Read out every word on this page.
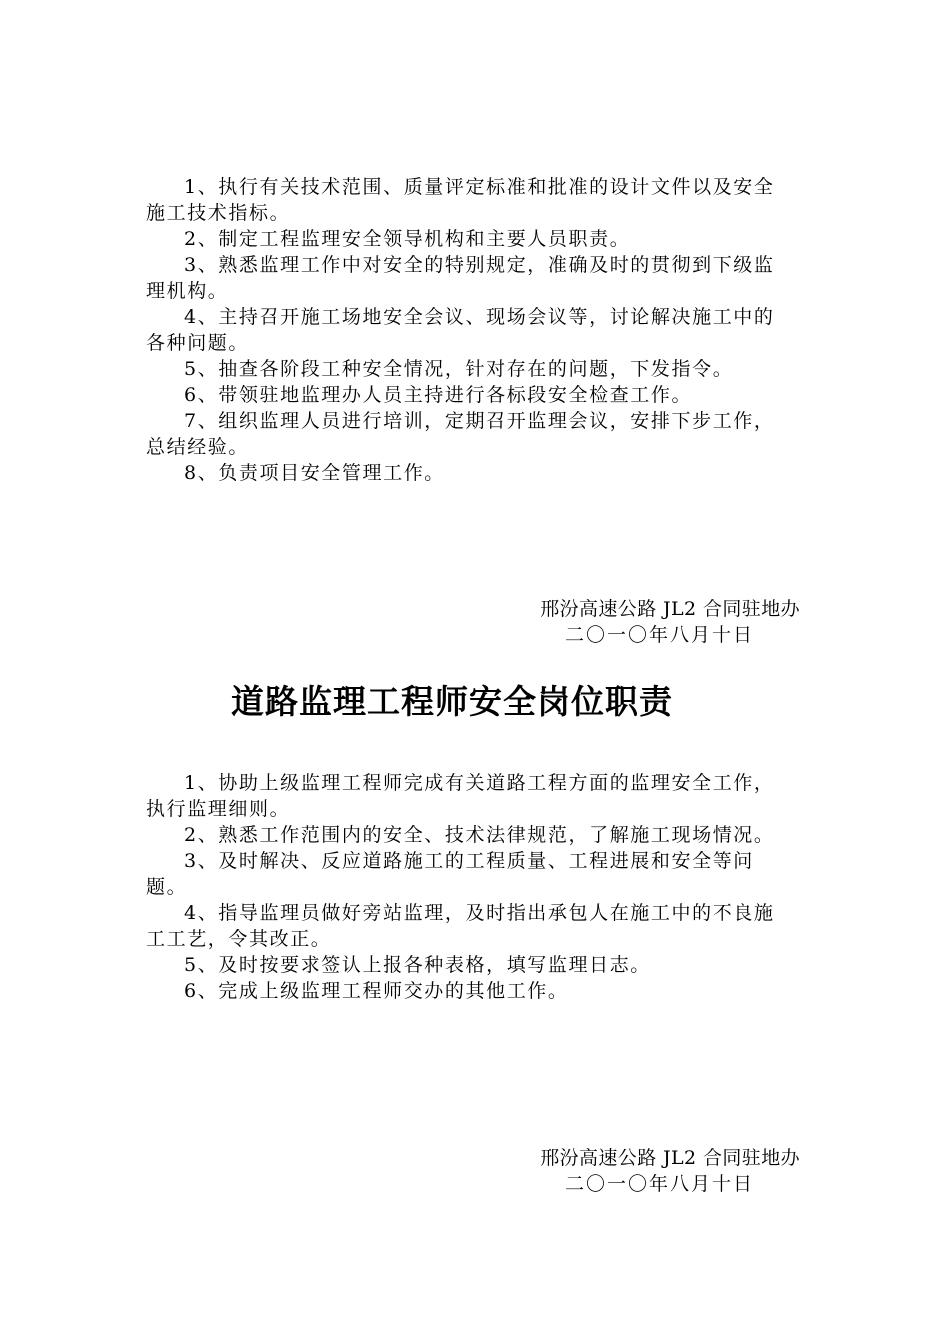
1、执行有关技术范围、质量评定标准和批准的设计文件以及安全施工技术指标。
2、制定工程监理安全领导机构和主要人员职责。
3、熟悉监理工作中对安全的特别规定，准确及时的贯彻到下级监理机构。
4、主持召开施工场地安全会议、现场会议等，讨论解决施工中的各种问题。
5、抽查各阶段工种安全情况，针对存在的问题，下发指令。
6、带领驻地监理办人员主持进行各标段安全检查工作。
7、组织监理人员进行培训，定期召开监理会议，安排下步工作，总结经验。
8、负责项目安全管理工作。
邢汾高速公路 JL2 合同驻地办
二〇一〇年八月十日
道路监理工程师安全岗位职责
1、协助上级监理工程师完成有关道路工程方面的监理安全工作，执行监理细则。
2、熟悉工作范围内的安全、技术法律规范，了解施工现场情况。
3、及时解决、反应道路施工的工程质量、工程进展和安全等问题。
4、指导监理员做好旁站监理，及时指出承包人在施工中的不良施工工艺，令其改正。
5、及时按要求签认上报各种表格，填写监理日志。
6、完成上级监理工程师交办的其他工作。
邢汾高速公路 JL2 合同驻地办
二〇一〇年八月十日
